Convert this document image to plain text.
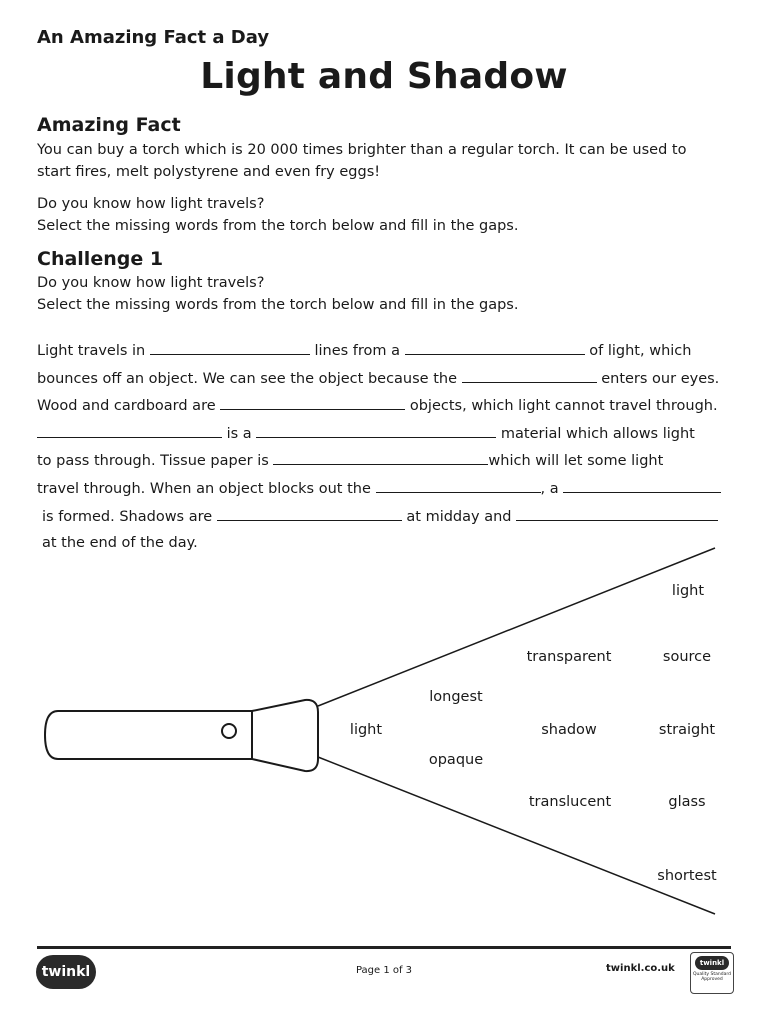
An Amazing Fact a Day
Light and Shadow
Amazing Fact
You can buy a torch which is 20 000 times brighter than a regular torch. It can be used to
start fires, melt polystyrene and even fry eggs!
Do you know how light travels?
Select the missing words from the torch below and fill in the gaps.
Challenge 1
Do you know how light travels?
Select the missing words from the torch below and fill in the gaps.
Light travels in	lines from a	of light, which
bounces off an object. We can see the object because the	enters our eyes.
Wood and cardboard are	objects, which light cannot travel through.
is a	material which allows light
to pass through. Tissue paper is	which will let some light
travel through. When an object blocks out the	, a
is formed. Shadows are	at midday and
at the end of the day.
light
transparent	source
longest
light	shadow	straight
opaque
translucent	glass
shortest
twinkl	Page 1 of 3	twinkl.co.uk	twinkl
Quality Standard Approved
